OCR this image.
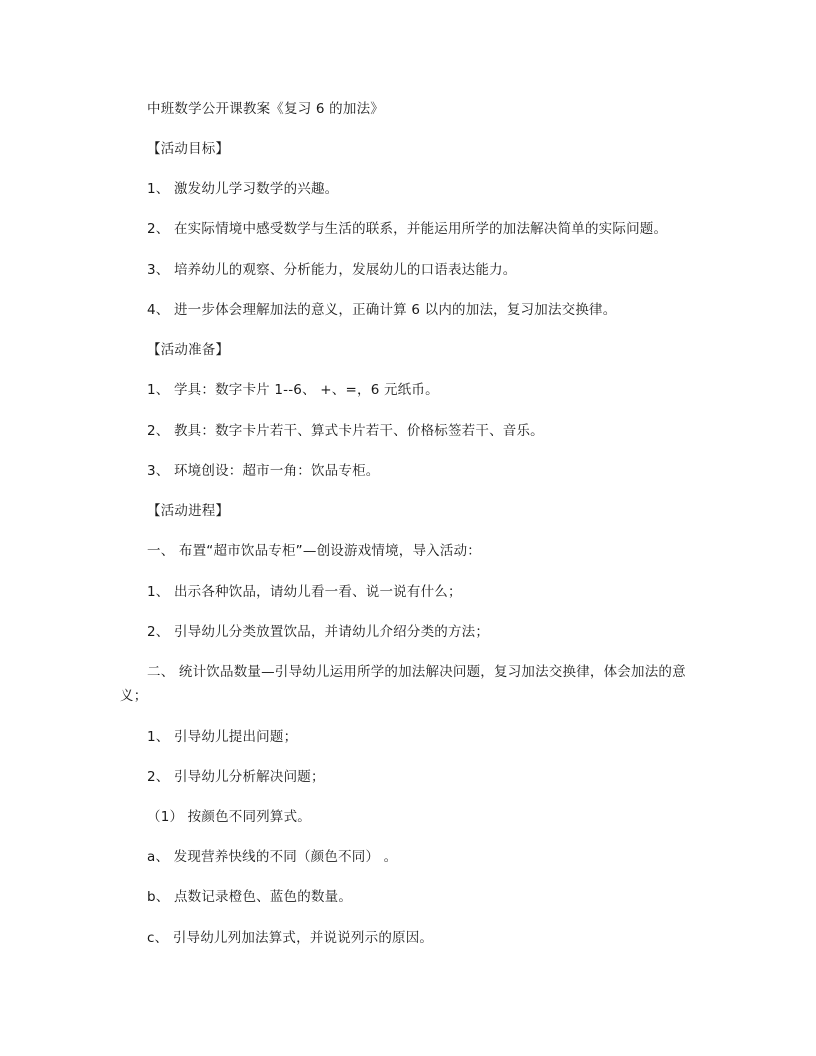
中班数学公开课教案《复习 6 的加法》
【活动目标】
1、 激发幼儿学习数学的兴趣。
2、 在实际情境中感受数学与生活的联系，并能运用所学的加法解决简单的实际问题。
3、 培养幼儿的观察、分析能力，发展幼儿的口语表达能力。
4、 进一步体会理解加法的意义，正确计算 6 以内的加法，复习加法交换律。
【活动准备】
1、 学具：数字卡片 1--6、 +、=，6 元纸币。
2、 教具：数字卡片若干、算式卡片若干、价格标签若干、音乐。
3、 环境创设：超市一角：饮品专柜。
【活动进程】
一、 布置“超市饮品专柜”—创设游戏情境，导入活动：
1、 出示各种饮品，请幼儿看一看、说一说有什么；
2、 引导幼儿分类放置饮品，并请幼儿介绍分类的方法；
二、 统计饮品数量—引导幼儿运用所学的加法解决问题，复习加法交换律，体会加法的意义；
1、 引导幼儿提出问题；
2、 引导幼儿分析解决问题；
（1） 按颜色不同列算式。
a、 发现营养快线的不同（颜色不同） 。
b、 点数记录橙色、蓝色的数量。
c、 引导幼儿列加法算式，并说说列示的原因。
